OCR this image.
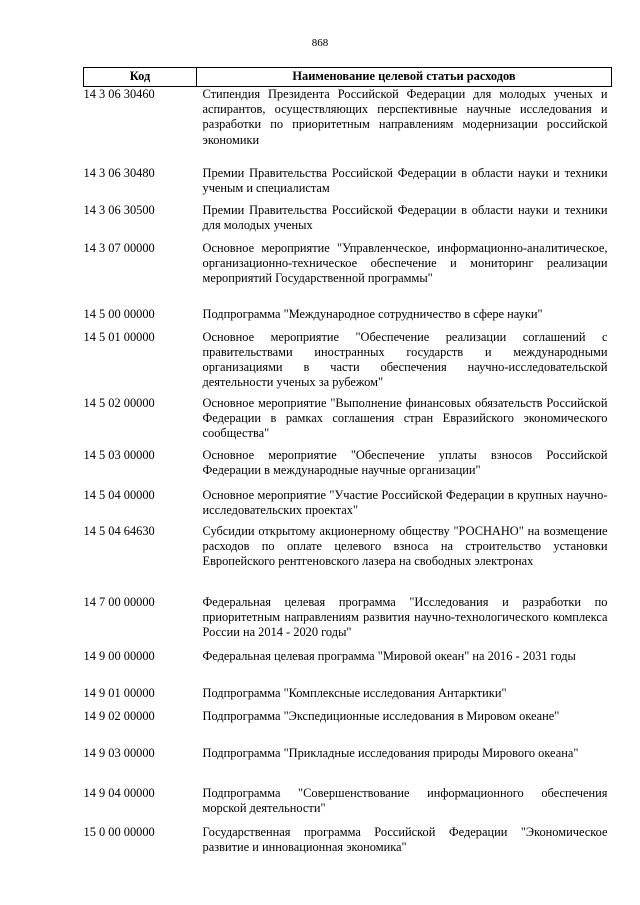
868
Код	Наименование целевой статьи расходов
14 3 06 30460	Стипендия Президента Российской Федерации для молодых ученых и аспирантов, осуществляющих перспективные научные исследования и разработки по приоритетным направлениям модернизации российской экономики
14 3 06 30480	Премии Правительства Российской Федерации в области науки и техники ученым и специалистам
14 3 06 30500	Премии Правительства Российской Федерации в области науки и техники для молодых ученых
14 3 07 00000	Основное мероприятие "Управленческое, информационно-аналитическое, организационно-техническое обеспечение и мониторинг реализации мероприятий Государственной программы"
14 5 00 00000	Подпрограмма "Международное сотрудничество в сфере науки"
14 5 01 00000	Основное мероприятие "Обеспечение реализации соглашений с правительствами иностранных государств и международными организациями в части обеспечения научно-исследовательской деятельности ученых за рубежом"
14 5 02 00000	Основное мероприятие "Выполнение финансовых обязательств Российской Федерации в рамках соглашения стран Евразийского экономического сообщества"
14 5 03 00000	Основное мероприятие "Обеспечение уплаты взносов Российской Федерации в международные научные организации"
14 5 04 00000	Основное мероприятие "Участие Российской Федерации в крупных научно-исследовательских проектах"
14 5 04 64630	Субсидии открытому акционерному обществу "РОСНАНО" на возмещение расходов по оплате целевого взноса на строительство установки Европейского рентгеновского лазера на свободных электронах
14 7 00 00000	Федеральная целевая программа "Исследования и разработки по приоритетным направлениям развития научно-технологического комплекса России на 2014 - 2020 годы"
14 9 00 00000	Федеральная целевая программа "Мировой океан" на 2016 - 2031 годы
14 9 01 00000	Подпрограмма "Комплексные исследования Антарктики"
14 9 02 00000	Подпрограмма "Экспедиционные исследования в Мировом океане"
14 9 03 00000	Подпрограмма "Прикладные исследования природы Мирового океана"
14 9 04 00000	Подпрограмма "Совершенствование информационного обеспечения морской деятельности"
15 0 00 00000	Государственная программа Российской Федерации "Экономическое развитие и инновационная экономика"
